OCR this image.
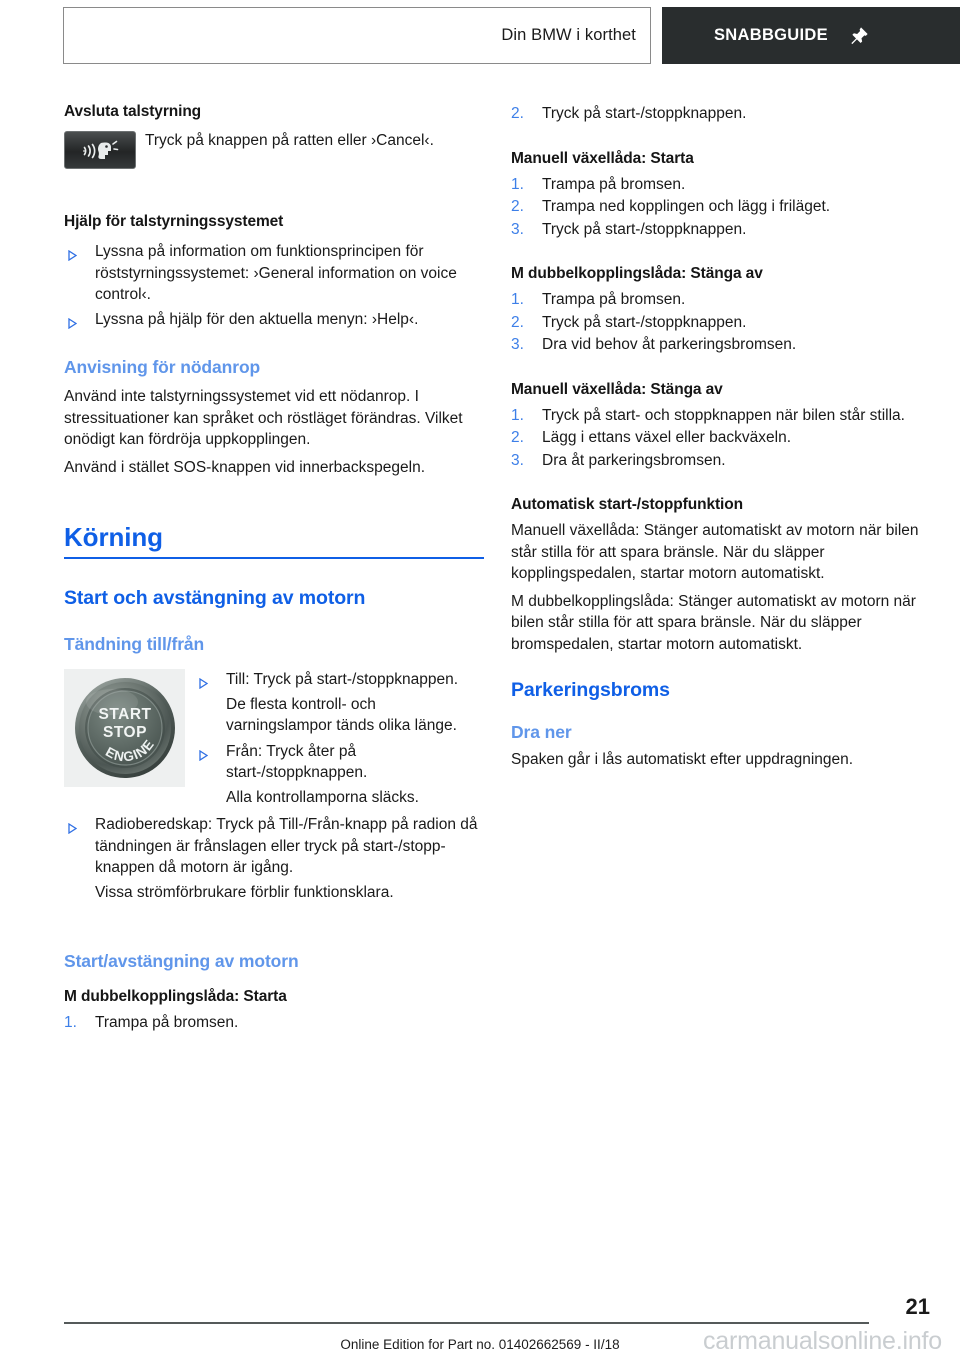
Din BMW i korthet	SNABBGUIDE
Avsluta talstyrning

Tryck på knappen på ratten eller ›Cancel‹.

Hjälp för talstyrningssystemet
Lyssna på information om funktionsprincipen för röststyrningssystemet: ›General information on voice control‹.
Lyssna på hjälp för den aktuella menyn: ›Help‹.
Anvisning för nödanrop

Använd inte talstyrningssystemet vid ett nödanrop. I stressituationer kan språket och röstläget förändras. Vilket onödigt kan fördröja uppkopplingen.

Använd i stället SOS-knappen vid innerbackspegeln.

Körning
Start och avstängning av motorn
Tändning till/från
START
STOP
ENGINE
Till: Tryck på start-/stoppknappen.
De flesta kontroll- och varningslampor tänds olika länge.
Från: Tryck åter på start-/stoppknappen.
Alla kontrollamporna släcks.
Radioberedskap: Tryck på Till-/Från-knapp på radion då tändningen är frånslagen eller tryck på start-/stopp-knappen då motorn är igång.
Vissa strömförbrukare förblir funktionsklara.
Start/avstängning av motorn
M dubbelkopplingslåda: Starta
1. Trampa på bromsen.
2. Tryck på start-/stoppknappen.
Manuell växellåda: Starta
1. Trampa på bromsen.
2. Trampa ned kopplingen och lägg i friläget.
3. Tryck på start-/stoppknappen.
M dubbelkopplingslåda: Stänga av
1. Trampa på bromsen.
2. Tryck på start-/stoppknappen.
3. Dra vid behov åt parkeringsbromsen.
Manuell växellåda: Stänga av
1. Tryck på start- och stoppknappen när bilen står stilla.
2. Lägg i ettans växel eller backväxeln.
3. Dra åt parkeringsbromsen.
Automatisk start-/stoppfunktion

Manuell växellåda: Stänger automatiskt av motorn när bilen står stilla för att spara bränsle. När du släpper kopplingspedalen, startar motorn automatiskt.

M dubbelkopplingslåda: Stänger automatiskt av motorn när bilen står stilla för att spara bränsle. När du släpper bromspedalen, startar motorn automatiskt.

Parkeringsbroms
Dra ner

Spaken går i lås automatiskt efter uppdragningen.

21
Online Edition for Part no. 01402662569 - II/18	carmanualsonline.info
